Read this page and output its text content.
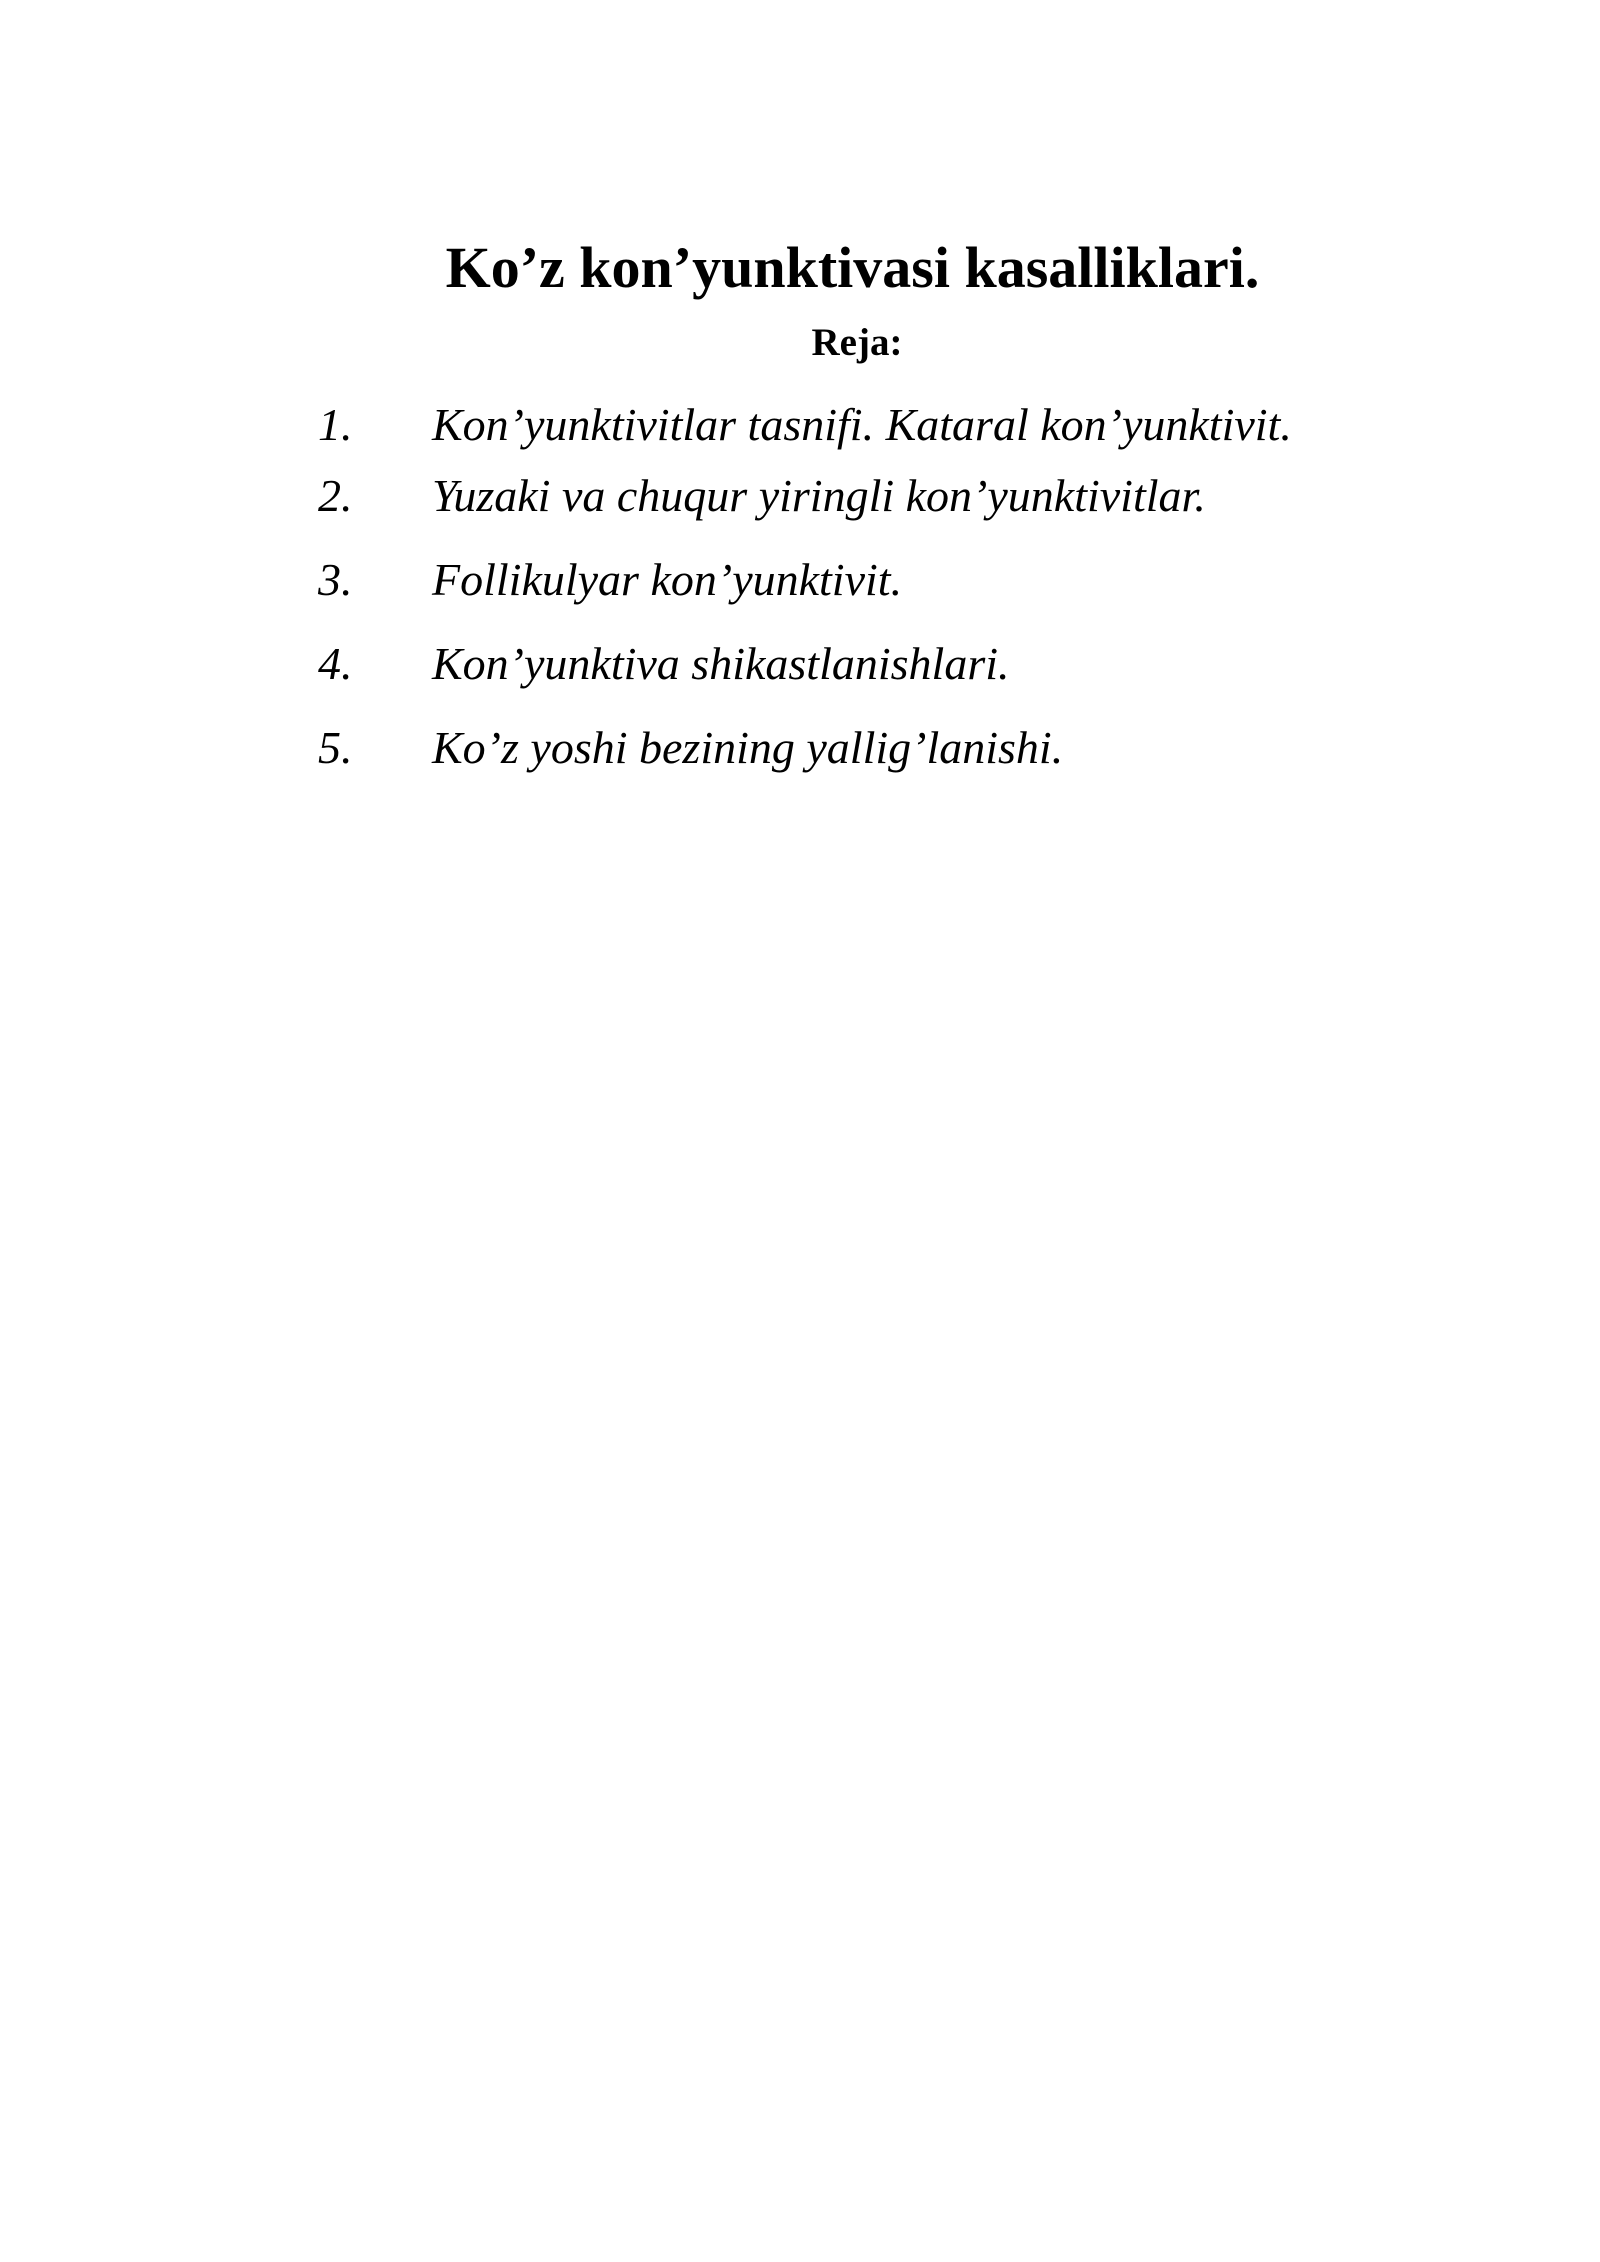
Ko’z kon’yunktivasi kasalliklari.
Reja:
1. Kon’yunktivitlar tasnifi. Kataral kon’yunktivit.
2. Yuzaki va chuqur yiringli kon’yunktivitlar.
3. Follikulyar kon’yunktivit.
4. Kon’yunktiva shikastlanishlari.
5. Ko’z yoshi bezining yallig’lanishi.
